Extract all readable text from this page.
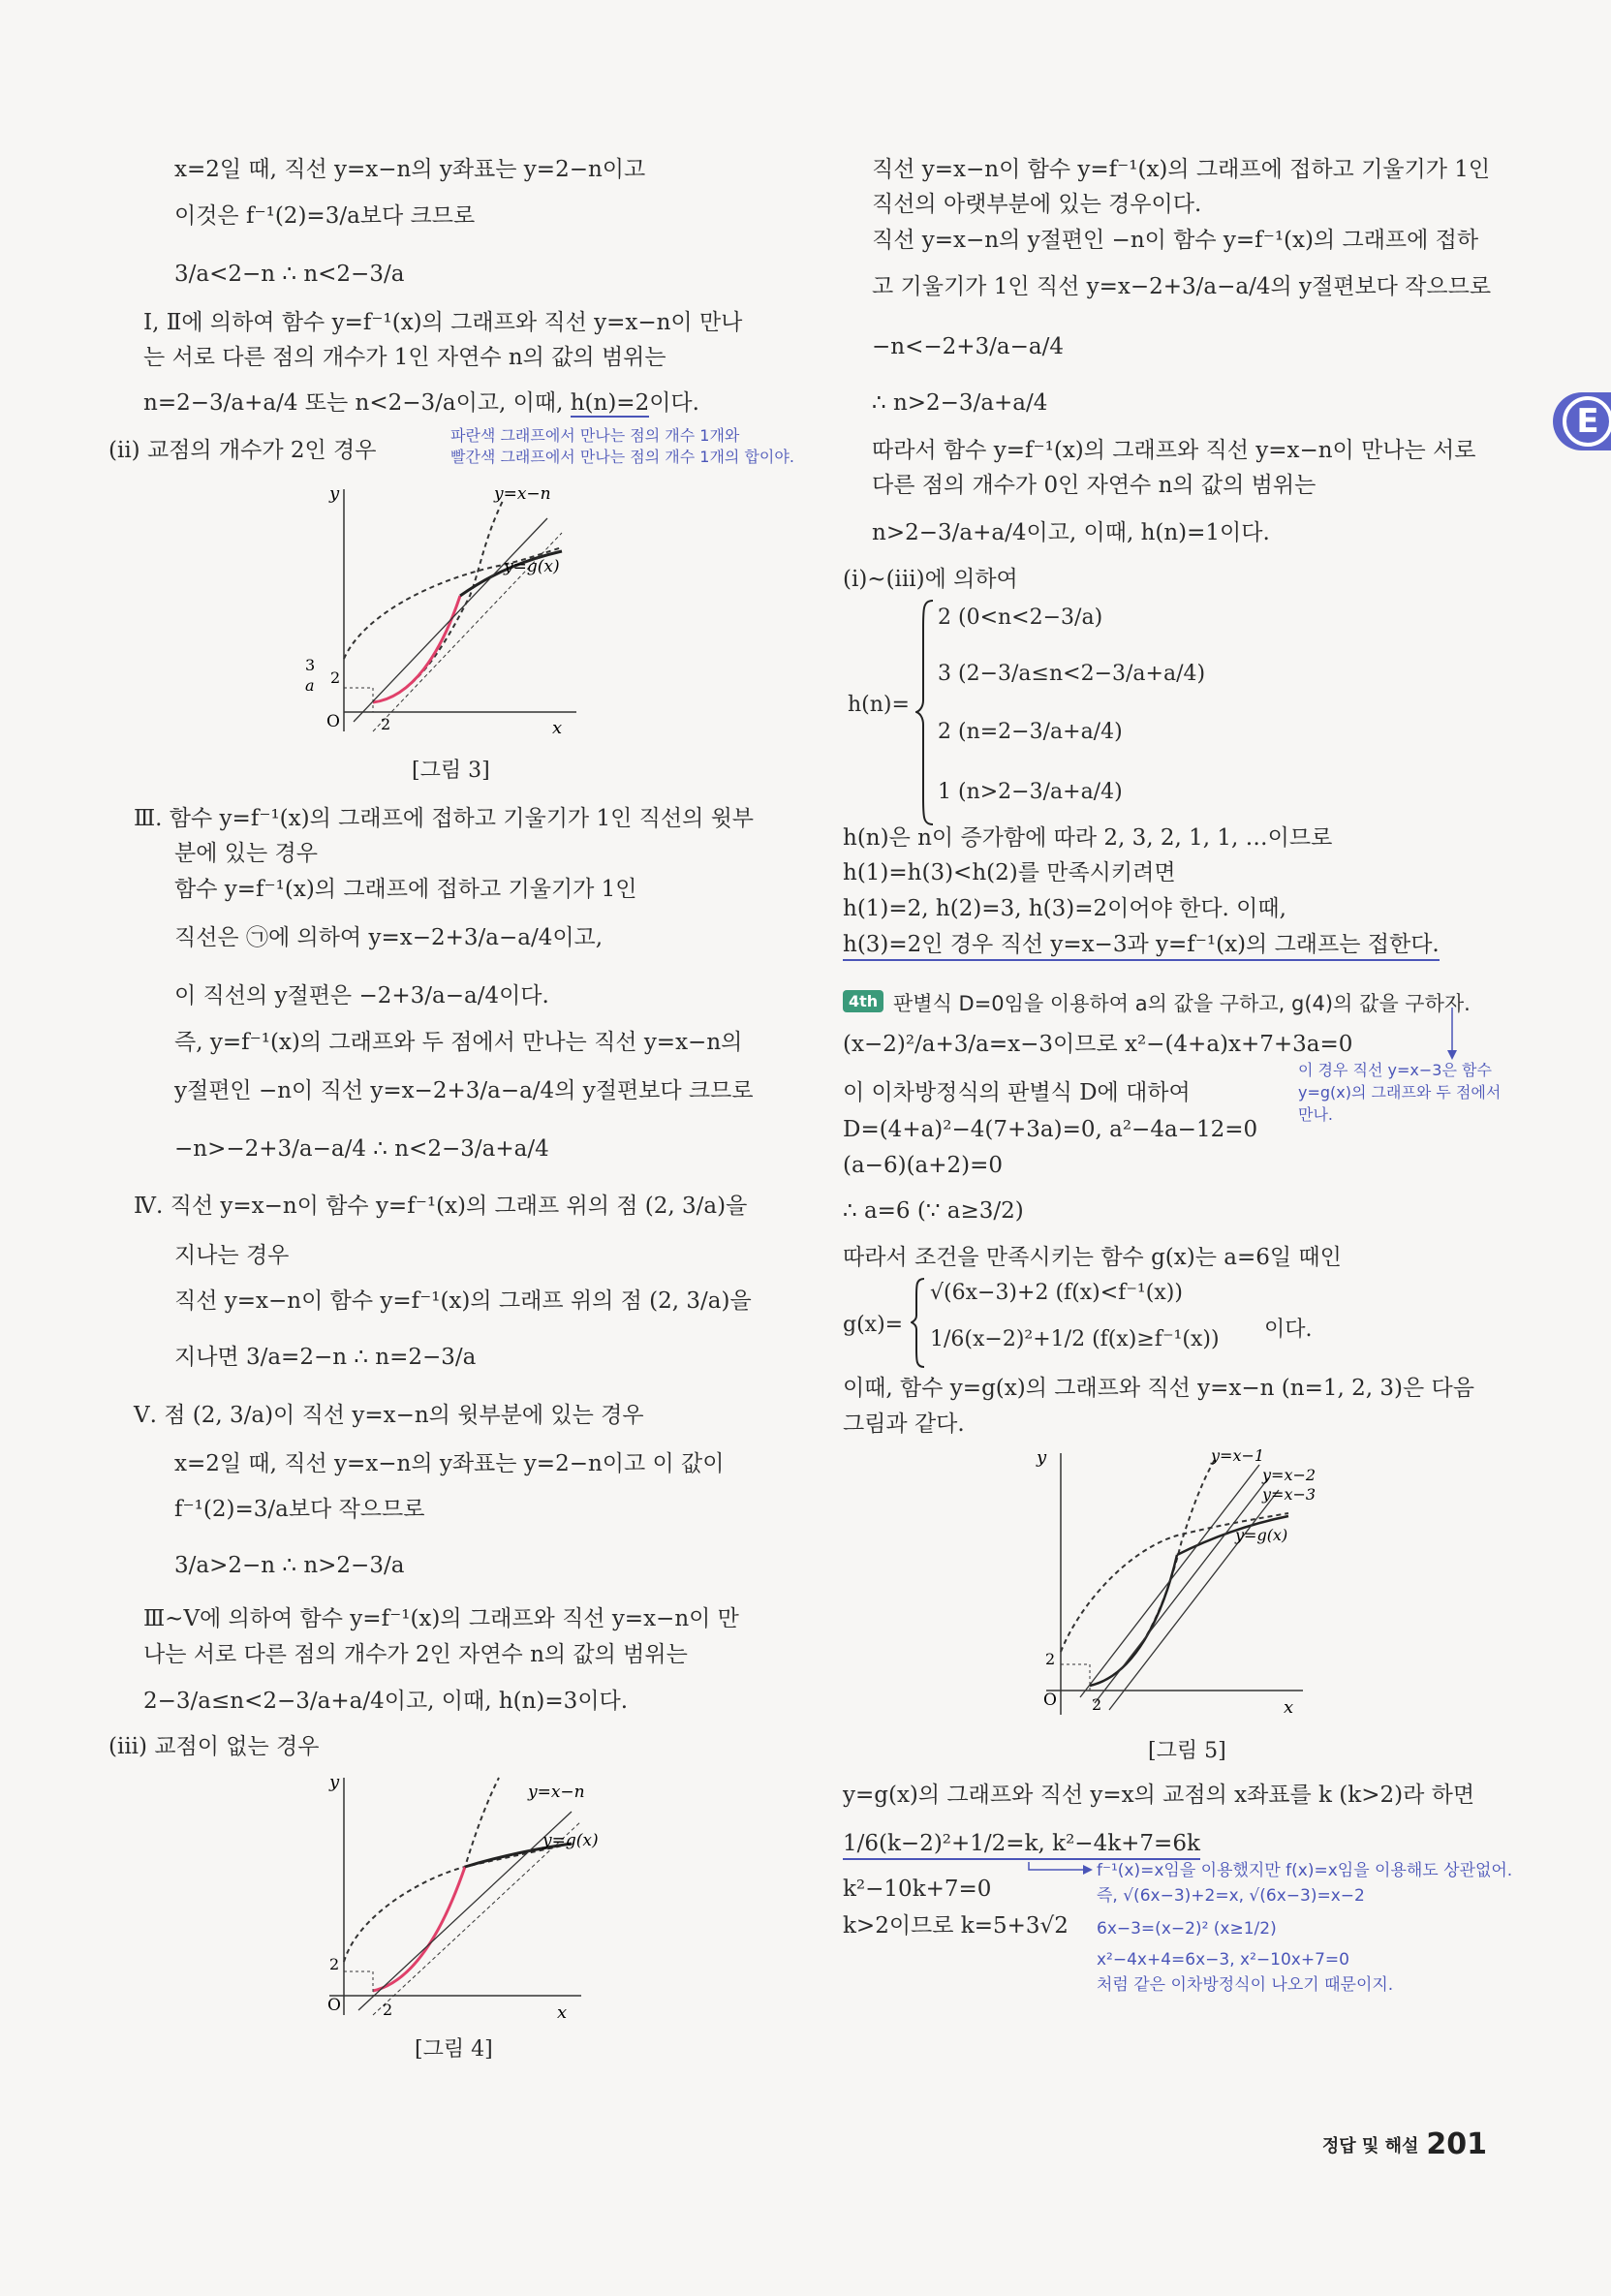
x=2일 때, 직선 y=x−n의 y좌표는 y=2−n이고
이것은 f⁻¹(2)=3/a보다 크므로
3/a<2−n ∴ n<2−3/a
Ⅰ, Ⅱ에 의하여 함수 y=f⁻¹(x)의 그래프와 직선 y=x−n이 만나
는 서로 다른 점의 개수가 1인 자연수 n의 값의 범위는
n=2−3/a+a/4 또는 n<2−3/a이고, 이때, h(n)=2이다.
(ii) 교점의 개수가 2인 경우
파란색 그래프에서 만나는 점의 개수 1개와
빨간색 그래프에서 만나는 점의 개수 1개의 합이야.
y
x
O
2
2
3
a
y=x−n
y=g(x)
[그림 3]
Ⅲ. 함수 y=f⁻¹(x)의 그래프에 접하고 기울기가 1인 직선의 윗부
분에 있는 경우
함수 y=f⁻¹(x)의 그래프에 접하고 기울기가 1인
직선은 ㉠에 의하여 y=x−2+3/a−a/4이고,
이 직선의 y절편은 −2+3/a−a/4이다.
즉, y=f⁻¹(x)의 그래프와 두 점에서 만나는 직선 y=x−n의
y절편인 −n이 직선 y=x−2+3/a−a/4의 y절편보다 크므로
−n>−2+3/a−a/4 ∴ n<2−3/a+a/4
Ⅳ. 직선 y=x−n이 함수 y=f⁻¹(x)의 그래프 위의 점 (2, 3/a)을
지나는 경우
직선 y=x−n이 함수 y=f⁻¹(x)의 그래프 위의 점 (2, 3/a)을
지나면 3/a=2−n ∴ n=2−3/a
Ⅴ. 점 (2, 3/a)이 직선 y=x−n의 윗부분에 있는 경우
x=2일 때, 직선 y=x−n의 y좌표는 y=2−n이고 이 값이
f⁻¹(2)=3/a보다 작으므로
3/a>2−n ∴ n>2−3/a
Ⅲ~Ⅴ에 의하여 함수 y=f⁻¹(x)의 그래프와 직선 y=x−n이 만
나는 서로 다른 점의 개수가 2인 자연수 n의 값의 범위는
2−3/a≤n<2−3/a+a/4이고, 이때, h(n)=3이다.
(iii) 교점이 없는 경우
y
x
O
2
2
y=x−n
y=g(x)
[그림 4]
직선 y=x−n이 함수 y=f⁻¹(x)의 그래프에 접하고 기울기가 1인
직선의 아랫부분에 있는 경우이다.
직선 y=x−n의 y절편인 −n이 함수 y=f⁻¹(x)의 그래프에 접하
고 기울기가 1인 직선 y=x−2+3/a−a/4의 y절편보다 작으므로
−n<−2+3/a−a/4
∴ n>2−3/a+a/4
따라서 함수 y=f⁻¹(x)의 그래프와 직선 y=x−n이 만나는 서로
다른 점의 개수가 0인 자연수 n의 값의 범위는
n>2−3/a+a/4이고, 이때, h(n)=1이다.
(i)~(iii)에 의하여
h(n)=
2 (0<n<2−3/a)
3 (2−3/a≤n<2−3/a+a/4)
2 (n=2−3/a+a/4)
1 (n>2−3/a+a/4)
h(n)은 n이 증가함에 따라 2, 3, 2, 1, 1, …이므로
h(1)=h(3)<h(2)를 만족시키려면
h(1)=2, h(2)=3, h(3)=2이어야 한다. 이때,
h(3)=2인 경우 직선 y=x−3과 y=f⁻¹(x)의 그래프는 접한다.
4th 판별식 D=0임을 이용하여 a의 값을 구하고, g(4)의 값을 구하자.
(x−2)²/a+3/a=x−3이므로 x²−(4+a)x+7+3a=0
이 이차방정식의 판별식 D에 대하여
D=(4+a)²−4(7+3a)=0, a²−4a−12=0
(a−6)(a+2)=0
∴ a=6 (∵ a≥3/2)
이 경우 직선 y=x−3은 함수
y=g(x)의 그래프와 두 점에서
만나.
따라서 조건을 만족시키는 함수 g(x)는 a=6일 때인
g(x)=
√(6x−3)+2 (f(x)<f⁻¹(x))
1/6(x−2)²+1/2 (f(x)≥f⁻¹(x)) 이다.
이때, 함수 y=g(x)의 그래프와 직선 y=x−n (n=1, 2, 3)은 다음
그림과 같다.
y
x
O
2
2
y=x−1
y=x−2
y=x−3
y=g(x)
[그림 5]
y=g(x)의 그래프와 직선 y=x의 교점의 x좌표를 k (k>2)라 하면
1/6(k−2)²+1/2=k, k²−4k+7=6k
k²−10k+7=0
k>2이므로 k=5+3√2
f⁻¹(x)=x임을 이용했지만 f(x)=x임을 이용해도 상관없어.
즉, √(6x−3)+2=x, √(6x−3)=x−2
6x−3=(x−2)² (x≥1/2)
x²−4x+4=6x−3, x²−10x+7=0
처럼 같은 이차방정식이 나오기 때문이지.
E
정답 및 해설 201
